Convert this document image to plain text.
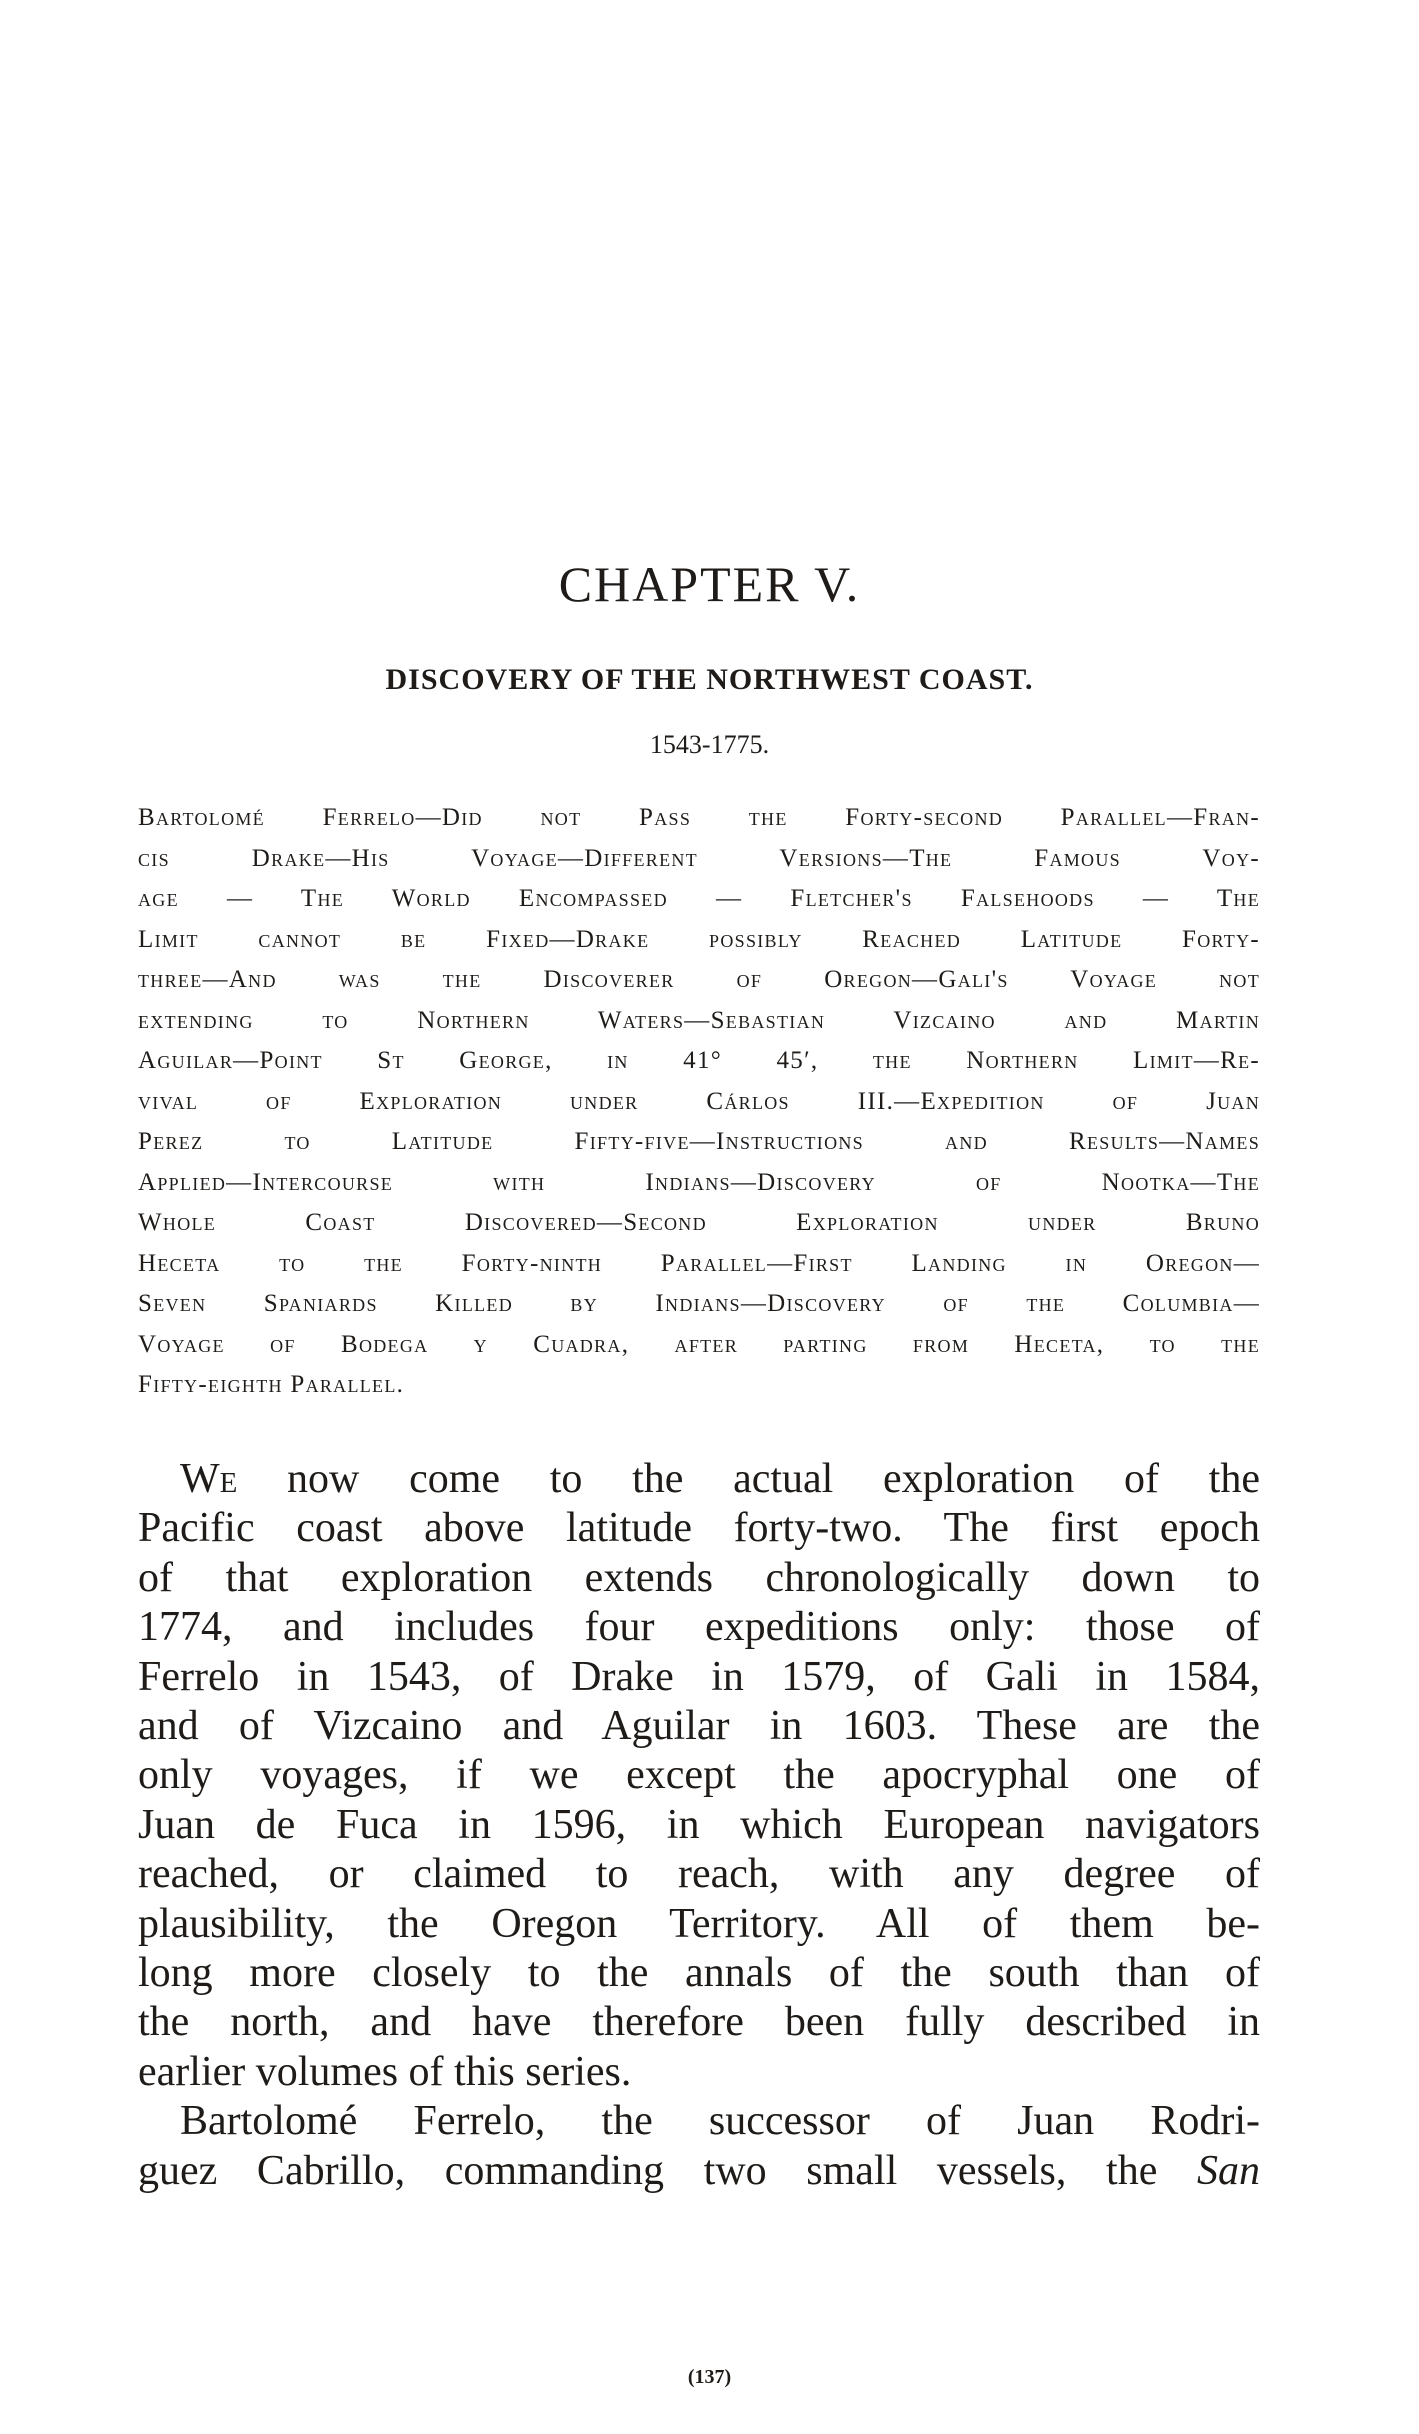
CHAPTER V.
DISCOVERY OF THE NORTHWEST COAST.
1543-1775.
Bartolomé Ferrelo—Did not Pass the Forty-second Parallel—Fran-
cis Drake—His Voyage—Different Versions—The Famous Voy-
age — The World Encompassed — Fletcher's Falsehoods — The
Limit cannot be Fixed—Drake possibly Reached Latitude Forty-
three—And was the Discoverer of Oregon—Gali's Voyage not
extending to Northern Waters—Sebastian Vizcaino and Martin
Aguilar—Point St George, in 41° 45′, the Northern Limit—Re-
vival of Exploration under Cárlos III.—Expedition of Juan
Perez to Latitude Fifty-five—Instructions and Results—Names
Applied—Intercourse with Indians—Discovery of Nootka—The
Whole Coast Discovered—Second Exploration under Bruno
Heceta to the Forty-ninth Parallel—First Landing in Oregon—
Seven Spaniards Killed by Indians—Discovery of the Columbia—
Voyage of Bodega y Cuadra, after parting from Heceta, to the
Fifty-eighth Parallel.
We now come to the actual exploration of the
Pacific coast above latitude forty-two. The first epoch
of that exploration extends chronologically down to
1774, and includes four expeditions only: those of
Ferrelo in 1543, of Drake in 1579, of Gali in 1584,
and of Vizcaino and Aguilar in 1603. These are the
only voyages, if we except the apocryphal one of
Juan de Fuca in 1596, in which European navigators
reached, or claimed to reach, with any degree of
plausibility, the Oregon Territory. All of them be-
long more closely to the annals of the south than of
the north, and have therefore been fully described in
earlier volumes of this series.
Bartolomé Ferrelo, the successor of Juan Rodri-
guez Cabrillo, commanding two small vessels, the San
(137)
